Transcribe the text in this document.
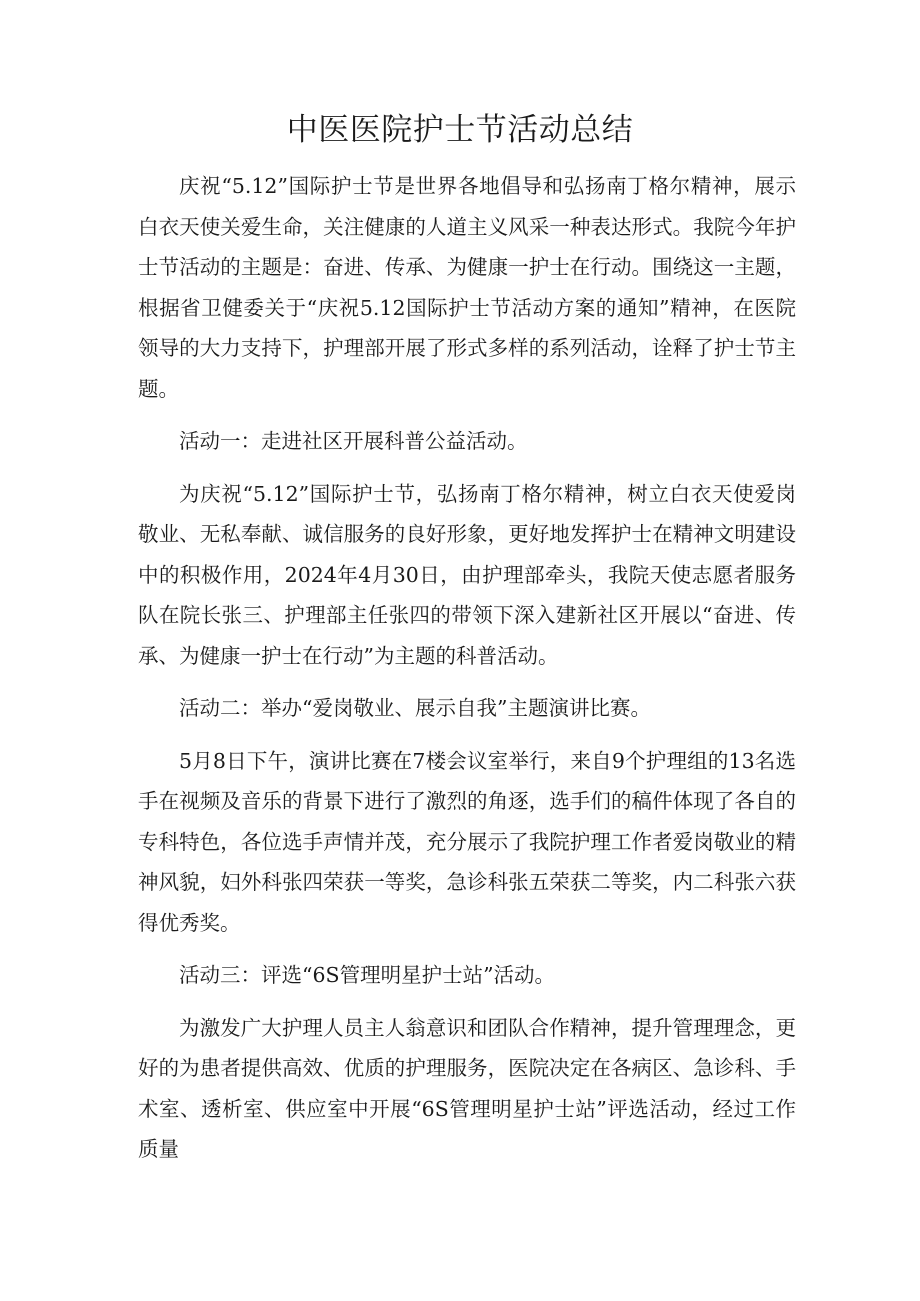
中医医院护士节活动总结

庆祝“5.12”国际护士节是世界各地倡导和弘扬南丁格尔精神，展示白衣天使关爱生命，关注健康的人道主义风采一种表达形式。我院今年护士节活动的主题是：奋进、传承、为健康一护士在行动。围绕这一主题，根据省卫健委关于“庆祝5.12国际护士节活动方案的通知”精神，在医院领导的大力支持下，护理部开展了形式多样的系列活动，诠释了护士节主题。

活动一：走进社区开展科普公益活动。

为庆祝“5.12”国际护士节，弘扬南丁格尔精神，树立白衣天使爱岗敬业、无私奉献、诚信服务的良好形象，更好地发挥护士在精神文明建设中的积极作用，2024年4月30日，由护理部牵头，我院天使志愿者服务队在院长张三、护理部主任张四的带领下深入建新社区开展以“奋进、传承、为健康一护士在行动”为主题的科普活动。

活动二：举办“爱岗敬业、展示自我”主题演讲比赛。

5月8日下午，演讲比赛在7楼会议室举行，来自9个护理组的13名选手在视频及音乐的背景下进行了激烈的角逐，选手们的稿件体现了各自的专科特色，各位选手声情并茂，充分展示了我院护理工作者爱岗敬业的精神风貌，妇外科张四荣获一等奖，急诊科张五荣获二等奖，内二科张六获得优秀奖。

活动三：评选“6S管理明星护士站”活动。

为激发广大护理人员主人翁意识和团队合作精神，提升管理理念，更好的为患者提供高效、优质的护理服务，医院决定在各病区、急诊科、手术室、透析室、供应室中开展“6S管理明星护士站”评选活动，经过工作质量
